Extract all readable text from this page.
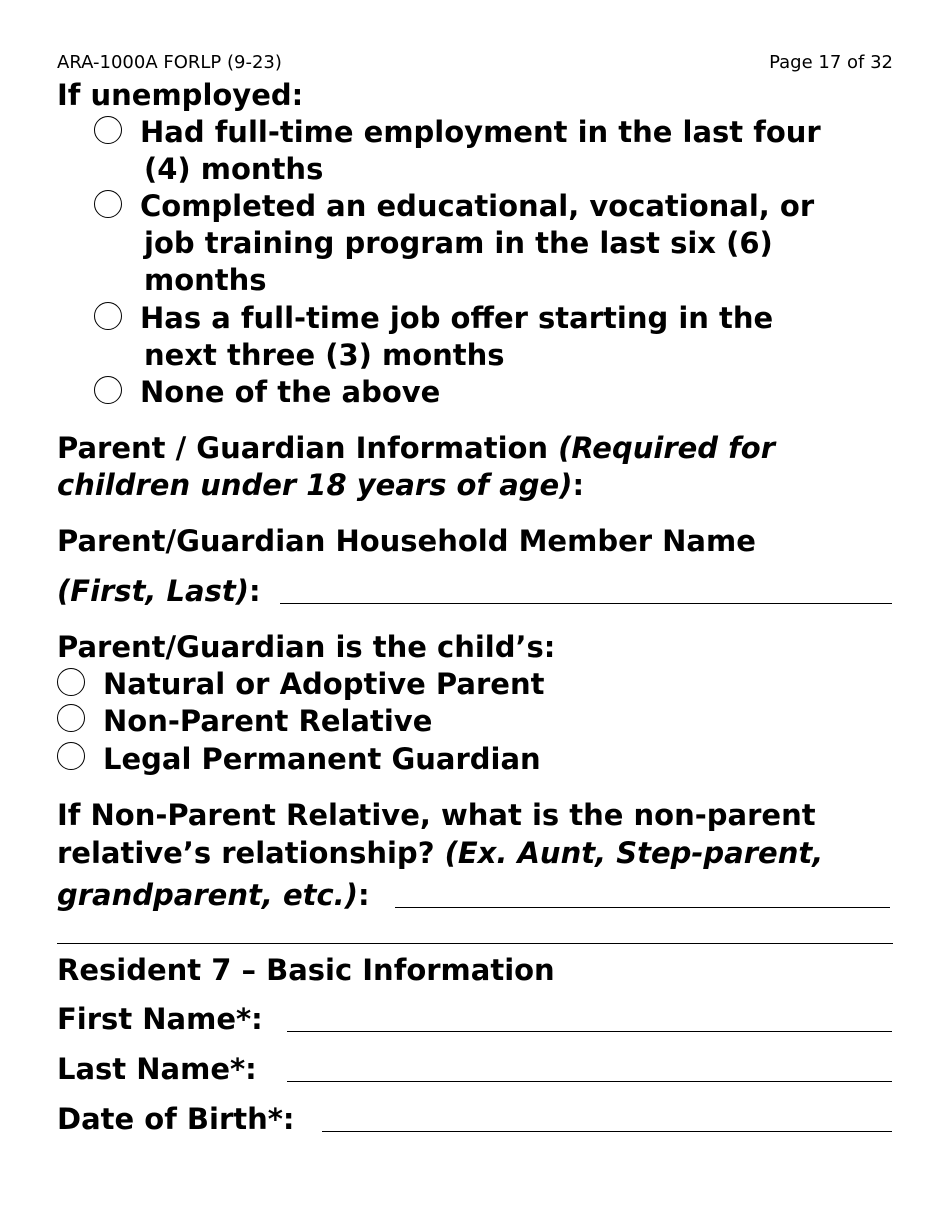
ARA-1000A FORLP (9-23)	Page 17 of 32
If unemployed:
Had full-time employment in the last four
(4) months
Completed an educational, vocational, or
job training program in the last six (6)
months
Has a full-time job offer starting in the
next three (3) months
None of the above
Parent / Guardian Information (Required for
children under 18 years of age):
Parent/Guardian Household Member Name
(First, Last):
Parent/Guardian is the child’s:
Natural or Adoptive Parent
Non-Parent Relative
Legal Permanent Guardian
If Non-Parent Relative, what is the non-parent
relative’s relationship? (Ex. Aunt, Step-parent,
grandparent, etc.):
Resident 7 – Basic Information
First Name*:
Last Name*:
Date of Birth*:
